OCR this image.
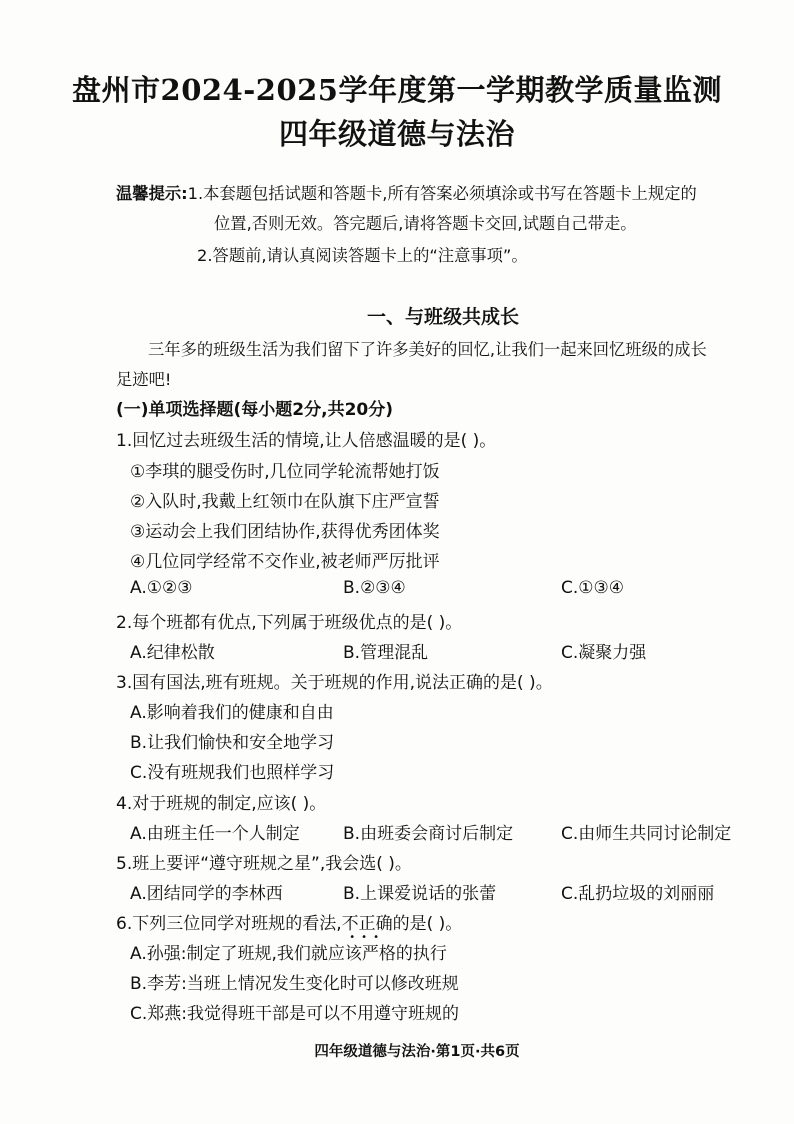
盘州市2024-2025学年度第一学期教学质量监测
四年级道德与法治
温馨提示:1.本套题包括试题和答题卡,所有答案必须填涂或书写在答题卡上规定的
位置,否则无效。答完题后,请将答题卡交回,试题自己带走。
2.答题前,请认真阅读答题卡上的“注意事项”。
一、与班级共成长
三年多的班级生活为我们留下了许多美好的回忆,让我们一起来回忆班级的成长
足迹吧!
(一)单项选择题(每小题2分,共20分)
1.回忆过去班级生活的情境,让人倍感温暖的是( )。
①李琪的腿受伤时,几位同学轮流帮她打饭
②入队时,我戴上红领巾在队旗下庄严宣誓
③运动会上我们团结协作,获得优秀团体奖
④几位同学经常不交作业,被老师严厉批评
A.①②③	B.②③④	C.①③④
2.每个班都有优点,下列属于班级优点的是( )。
A.纪律松散	B.管理混乱	C.凝聚力强
3.国有国法,班有班规。关于班规的作用,说法正确的是( )。
A.影响着我们的健康和自由
B.让我们愉快和安全地学习
C.没有班规我们也照样学习
4.对于班规的制定,应该( )。
A.由班主任一个人制定	B.由班委会商讨后制定	C.由师生共同讨论制定
5.班上要评“遵守班规之星”,我会选( )。
A.团结同学的李林西	B.上课爱说话的张蕾	C.乱扔垃圾的刘丽丽
6.下列三位同学对班规的看法,不正确
•••
的是( )。
A.孙强:制定了班规,我们就应该严格的执行
B.李芳:当班上情况发生变化时可以修改班规
C.郑燕:我觉得班干部是可以不用遵守班规的
四年级道德与法治·第1页·共6页
